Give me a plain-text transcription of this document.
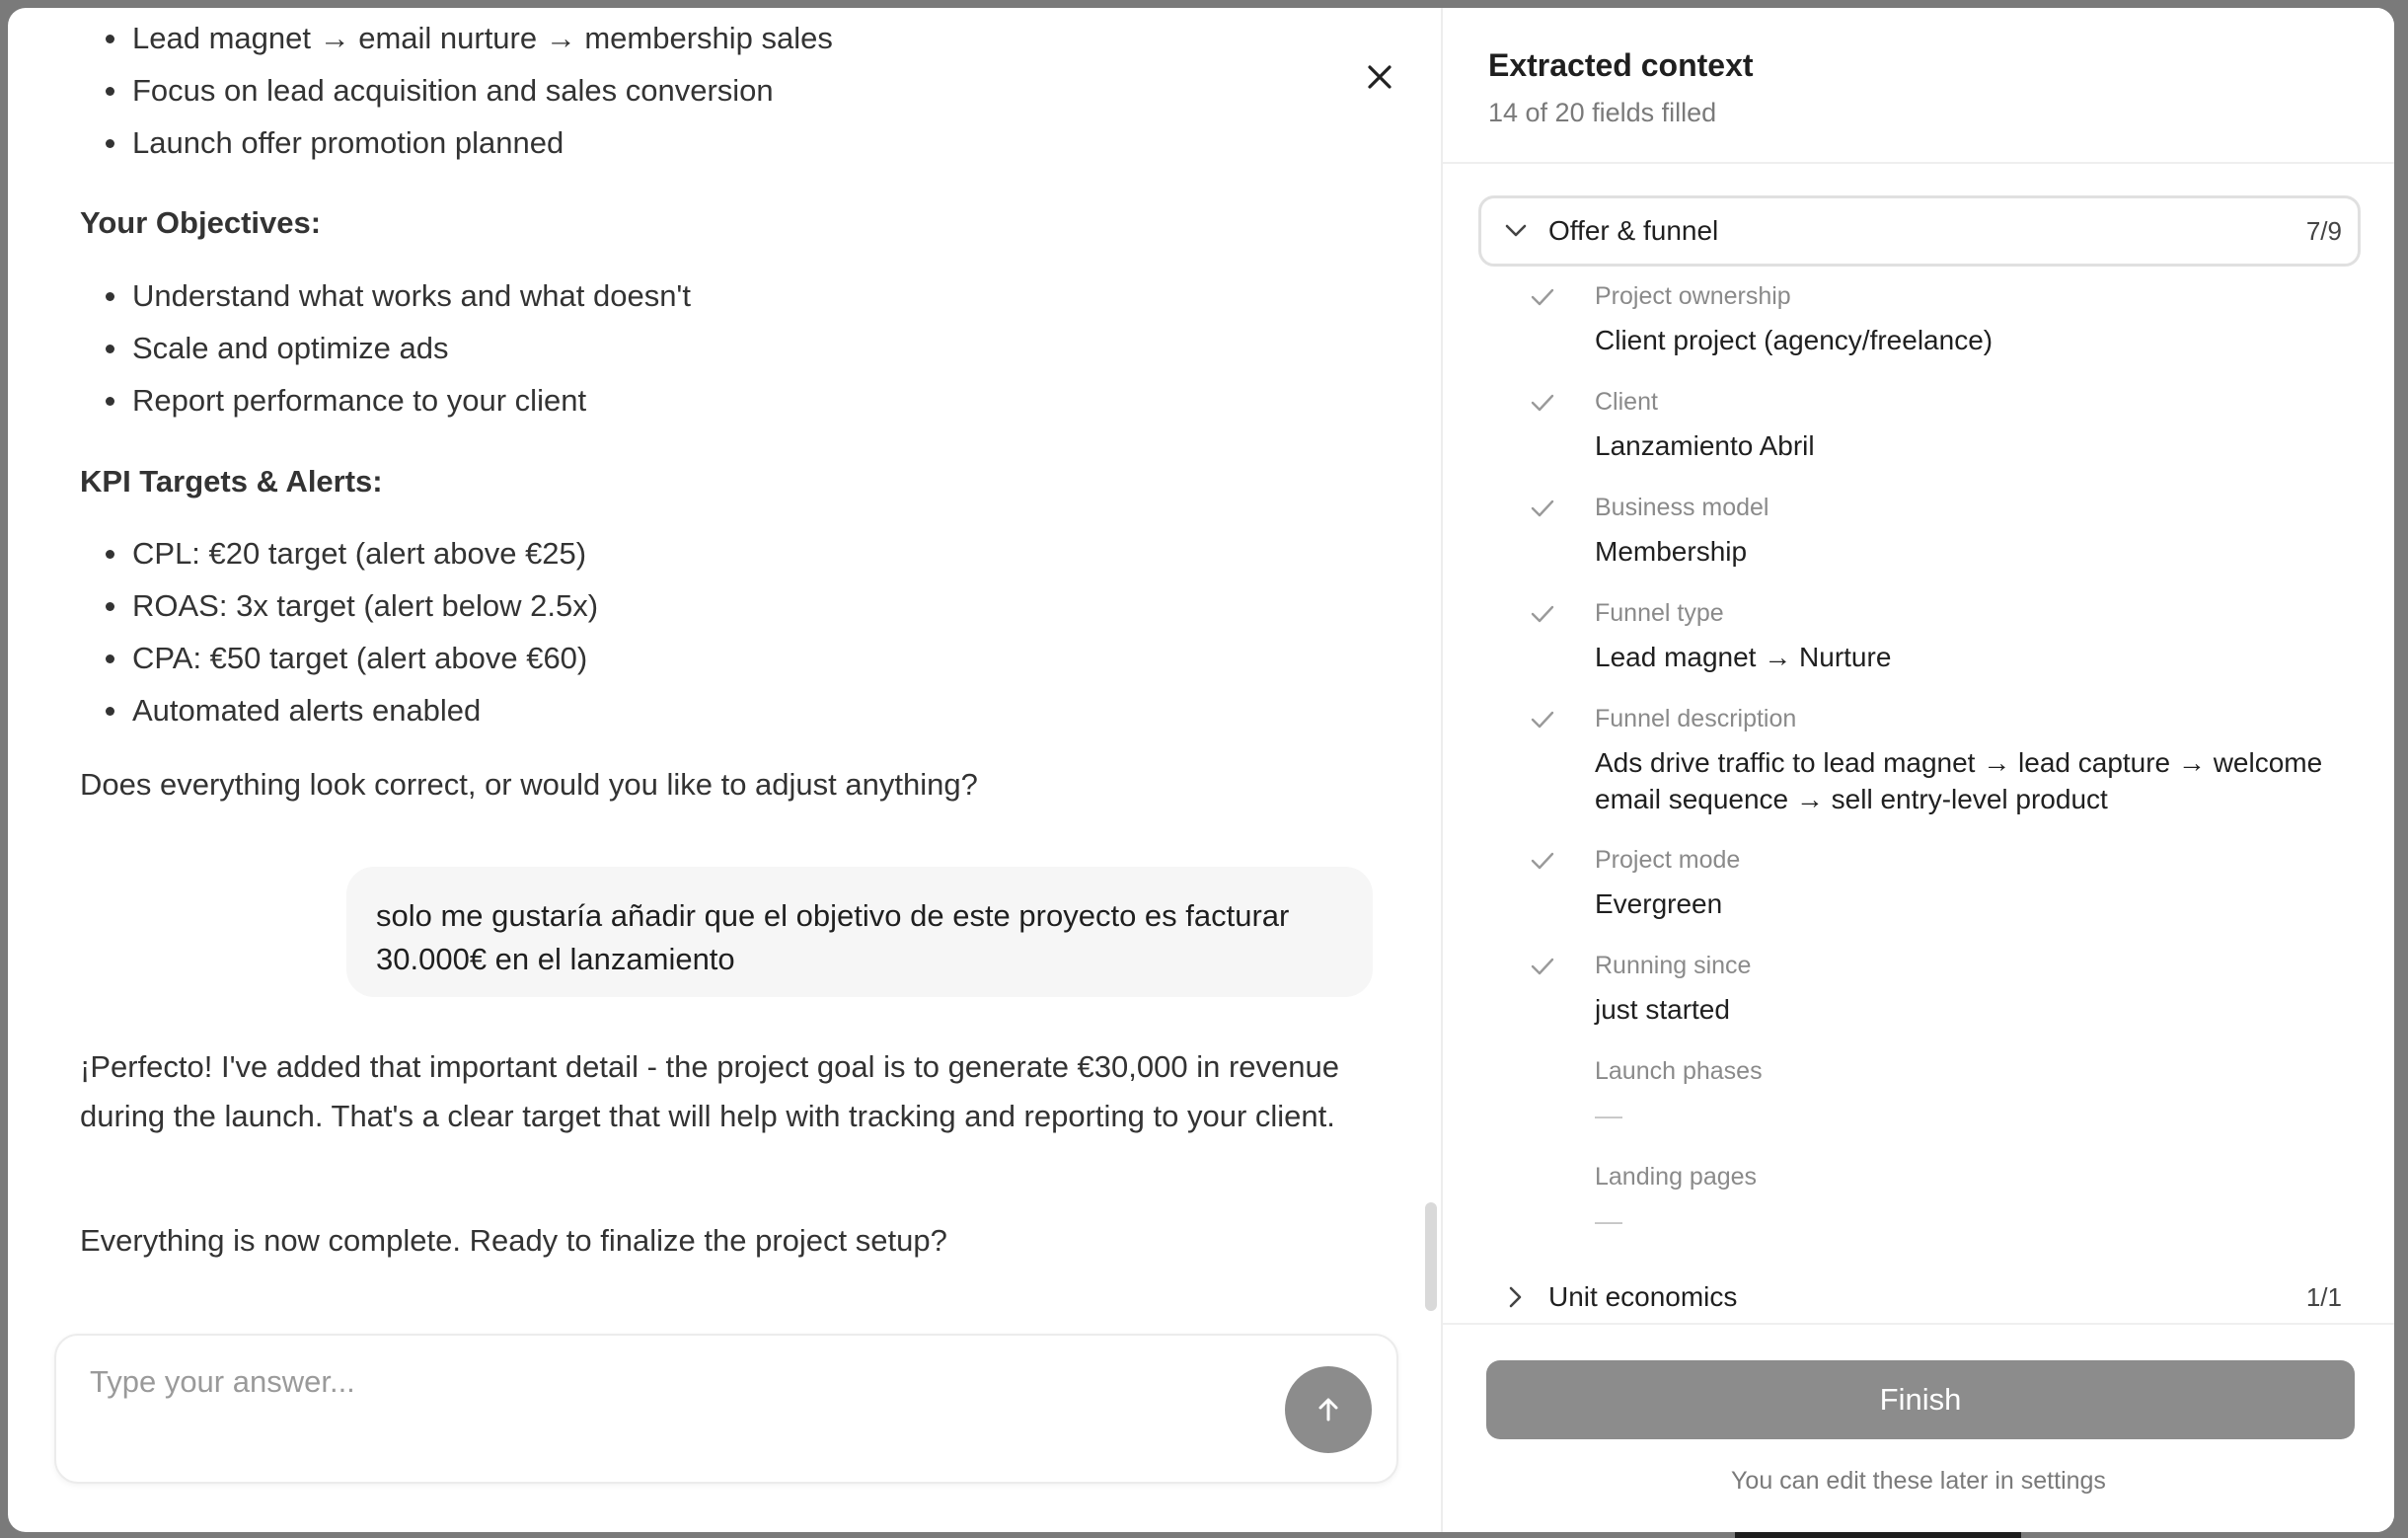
Lead magnet → email nurture → membership sales
Focus on lead acquisition and sales conversion
Launch offer promotion planned
Your Objectives:
Understand what works and what doesn't
Scale and optimize ads
Report performance to your client
KPI Targets & Alerts:
CPL: €20 target (alert above €25)
ROAS: 3x target (alert below 2.5x)
CPA: €50 target (alert above €60)
Automated alerts enabled
Does everything look correct, or would you like to adjust anything?
solo me gustaría añadir que el objetivo de este proyecto es facturar 30.000€ en el lanzamiento
¡Perfecto! I've added that important detail - the project goal is to generate €30,000 in revenue during the launch. That's a clear target that will help with tracking and reporting to your client.
Everything is now complete. Ready to finalize the project setup?
Type your answer...
Extracted context
14 of 20 fields filled
Offer & funnel	7/9
Project ownership
Client project (agency/freelance)
Client
Lanzamiento Abril
Business model
Membership
Funnel type
Lead magnet → Nurture
Funnel description
Ads drive traffic to lead magnet → lead capture → welcome email sequence → sell entry-level product
Project mode
Evergreen
Running since
just started
Launch phases
—
Landing pages
—
Unit economics	1/1
Finish
You can edit these later in settings
